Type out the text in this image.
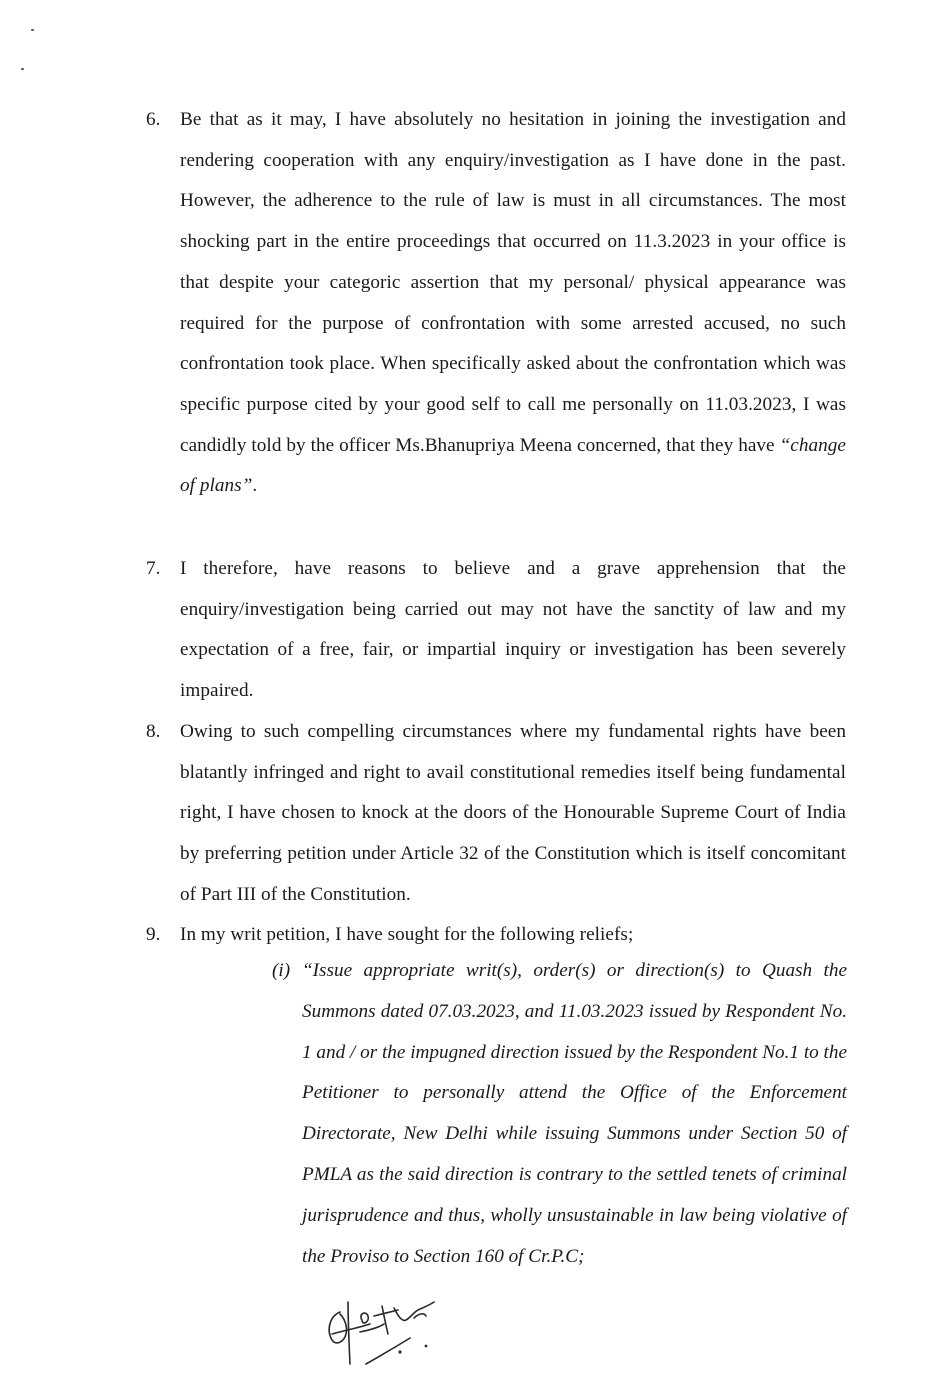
6. Be that as it may, I have absolutely no hesitation in joining the investigation and rendering cooperation with any enquiry/investigation as I have done in the past. However, the adherence to the rule of law is must in all circumstances. The most shocking part in the entire proceedings that occurred on 11.3.2023 in your office is that despite your categoric assertion that my personal/ physical appearance was required for the purpose of confrontation with some arrested accused, no such confrontation took place. When specifically asked about the confrontation which was specific purpose cited by your good self to call me personally on 11.03.2023, I was candidly told by the officer Ms.Bhanupriya Meena concerned, that they have “change of plans”.
7. I therefore, have reasons to believe and a grave apprehension that the enquiry/investigation being carried out may not have the sanctity of law and my expectation of a free, fair, or impartial inquiry or investigation has been severely impaired.
8. Owing to such compelling circumstances where my fundamental rights have been blatantly infringed and right to avail constitutional remedies itself being fundamental right, I have chosen to knock at the doors of the Honourable Supreme Court of India by preferring petition under Article 32 of the Constitution which is itself concomitant of Part III of the Constitution.
9. In my writ petition, I have sought for the following reliefs;
(i) “Issue appropriate writ(s), order(s) or direction(s) to Quash the Summons dated 07.03.2023, and 11.03.2023 issued by Respondent No. 1 and / or the impugned direction issued by the Respondent No.1 to the Petitioner to personally attend the Office of the Enforcement Directorate, New Delhi while issuing Summons under Section 50 of PMLA as the said direction is contrary to the settled tenets of criminal jurisprudence and thus, wholly unsustainable in law being violative of the Proviso to Section 160 of Cr.P.C;
